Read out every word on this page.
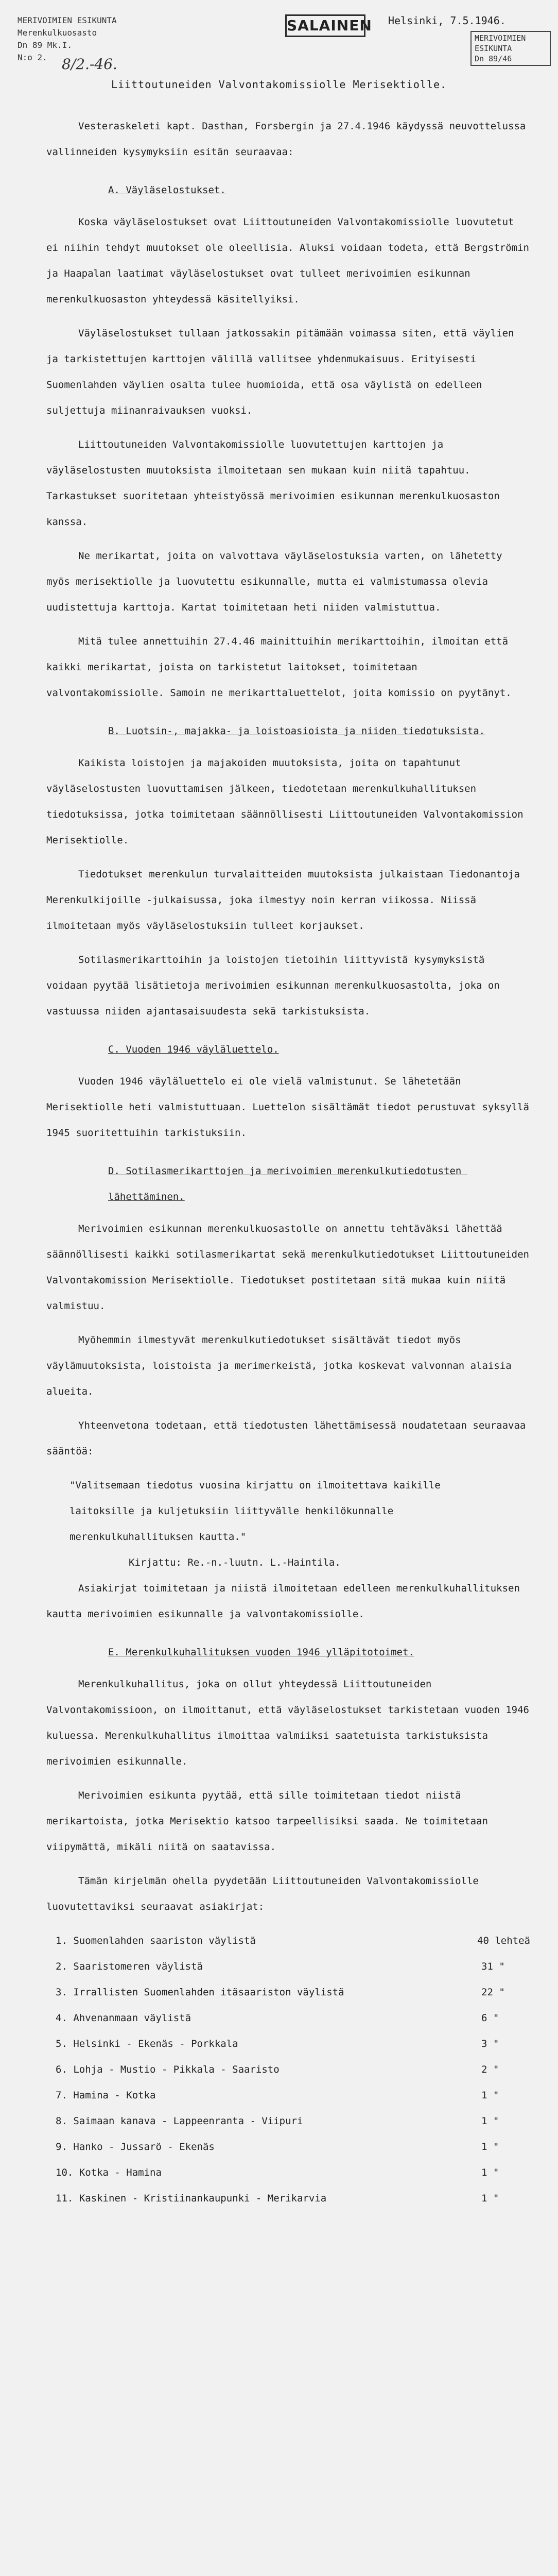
MERIVOIMIEN ESIKUNTA
Merenkulkuosasto
Dn 89 Mk.I.
N:o 2.
SALAINEN Helsinki, 7.5.1946.
MERIVOIMIEN ESIKUNTA
Dn 89/46
8/2.-46.
Liittoutuneiden Valvontakomissiolle Merisektiolle.

Vesteraskeleti kapt. Dasthan, Forsbergin ja 27.4.1946 käydyssä neuvottelussa vallinneiden kysymyksiin esitän seuraavaa:

A. Väyläselostukset.

Koska väyläselostukset ovat Liittoutuneiden Valvontakomissiolle luovutetut ei niihin tehdyt muutokset ole oleellisia. Aluksi voidaan todeta, että Bergströmin ja Haapalan laatimat väyläselostukset ovat tulleet merivoimien esikunnan merenkulkuosaston yhteydessä käsitellyiksi.

Väyläselostukset tullaan jatkossakin pitämään voimassa siten, että väylien ja tarkistettujen karttojen välillä vallitsee yhdenmukaisuus. Erityisesti Suomenlahden väylien osalta tulee huomioida, että osa väylistä on edelleen suljettuja miinanraivauksen vuoksi.

Liittoutuneiden Valvontakomissiolle luovutettujen karttojen ja väyläselostusten muutoksista ilmoitetaan sen mukaan kuin niitä tapahtuu. Tarkastukset suoritetaan yhteistyössä merivoimien esikunnan merenkulkuosaston kanssa.

Ne merikartat, joita on valvottava väyläselostuksia varten, on lähetetty myös merisektiolle ja luovutettu esikunnalle, mutta ei valmistumassa olevia uudistettuja karttoja. Kartat toimitetaan heti niiden valmistuttua.

Mitä tulee annettuihin 27.4.46 mainittuihin merikarttoihin, ilmoitan että kaikki merikartat, joista on tarkistetut laitokset, toimitetaan valvontakomissiolle. Samoin ne merikarttaluettelot, joita komissio on pyytänyt.

B. Luotsin-, majakka- ja loistoasioista ja niiden tiedotuksista.

Kaikista loistojen ja majakoiden muutoksista, joita on tapahtunut väyläselostusten luovuttamisen jälkeen, tiedotetaan merenkulkuhallituksen tiedotuksissa, jotka toimitetaan säännöllisesti Liittoutuneiden Valvontakomission Merisektiolle.

Tiedotukset merenkulun turvalaitteiden muutoksista julkaistaan Tiedonantoja Merenkulkijoille -julkaisussa, joka ilmestyy noin kerran viikossa. Niissä ilmoitetaan myös väyläselostuksiin tulleet korjaukset.

Sotilasmerikarttoihin ja loistojen tietoihin liittyvistä kysymyksistä voidaan pyytää lisätietoja merivoimien esikunnan merenkulkuosastolta, joka on vastuussa niiden ajantasaisuudesta sekä tarkistuksista.

C. Vuoden 1946 väyläluettelo.

Vuoden 1946 väyläluettelo ei ole vielä valmistunut. Se lähetetään Merisektiolle heti valmistuttuaan. Luettelon sisältämät tiedot perustuvat syksyllä 1945 suoritettuihin tarkistuksiin.

D. Sotilasmerikarttojen ja merivoimien merenkulkutiedotusten lähettäminen.

Merivoimien esikunnan merenkulkuosastolle on annettu tehtäväksi lähettää säännöllisesti kaikki sotilasmerikartat sekä merenkulkutiedotukset Liittoutuneiden Valvontakomission Merisektiolle. Tiedotukset postitetaan sitä mukaa kuin niitä valmistuu.

Myöhemmin ilmestyvät merenkulkutiedotukset sisältävät tiedot myös väylämuutoksista, loistoista ja merimerkeistä, jotka koskevat valvonnan alaisia alueita.

Yhteenvetona todetaan, että tiedotusten lähettämisessä noudatetaan seuraavaa sääntöä:

"Valitsemaan tiedotus vuosina kirjattu on ilmoitettava kaikille laitoksille ja kuljetuksiin liittyvälle henkilökunnalle merenkulkuhallituksen kautta."
Kirjattu: Re.-n.-luutn. L.-Haintila.

Asiakirjat toimitetaan ja niistä ilmoitetaan edelleen merenkulkuhallituksen kautta merivoimien esikunnalle ja valvontakomissiolle.

E. Merenkulkuhallituksen vuoden 1946 ylläpitotoimet.

Merenkulkuhallitus, joka on ollut yhteydessä Liittoutuneiden Valvontakomissioon, on ilmoittanut, että väyläselostukset tarkistetaan vuoden 1946 kuluessa. Merenkulkuhallitus ilmoittaa valmiiksi saatetuista tarkistuksista merivoimien esikunnalle.

Merivoimien esikunta pyytää, että sille toimitetaan tiedot niistä merikartoista, jotka Merisektio katsoo tarpeellisiksi saada. Ne toimitetaan viipymättä, mikäli niitä on saatavissa.

Tämän kirjelmän ohella pyydetään Liittoutuneiden Valvontakomissiolle luovutettaviksi seuraavat asiakirjat:

1. Suomenlahden saariston väylistä	40 lehteä
2. Saaristomeren väylistä	31 "
3. Irrallisten Suomenlahden itäsaariston väylistä	22 "
4. Ahvenanmaan väylistä	6 "
5. Helsinki - Ekenäs - Porkkala	3 "
6. Lohja - Mustio - Pikkala - Saaristo	2 "
7. Hamina - Kotka	1 "
8. Saimaan kanava - Lappeenranta - Viipuri	1 "
9. Hanko - Jussarö - Ekenäs	1 "
10. Kotka - Hamina	1 "
11. Kaskinen - Kristiinankaupunki - Merikarvia	1 "
